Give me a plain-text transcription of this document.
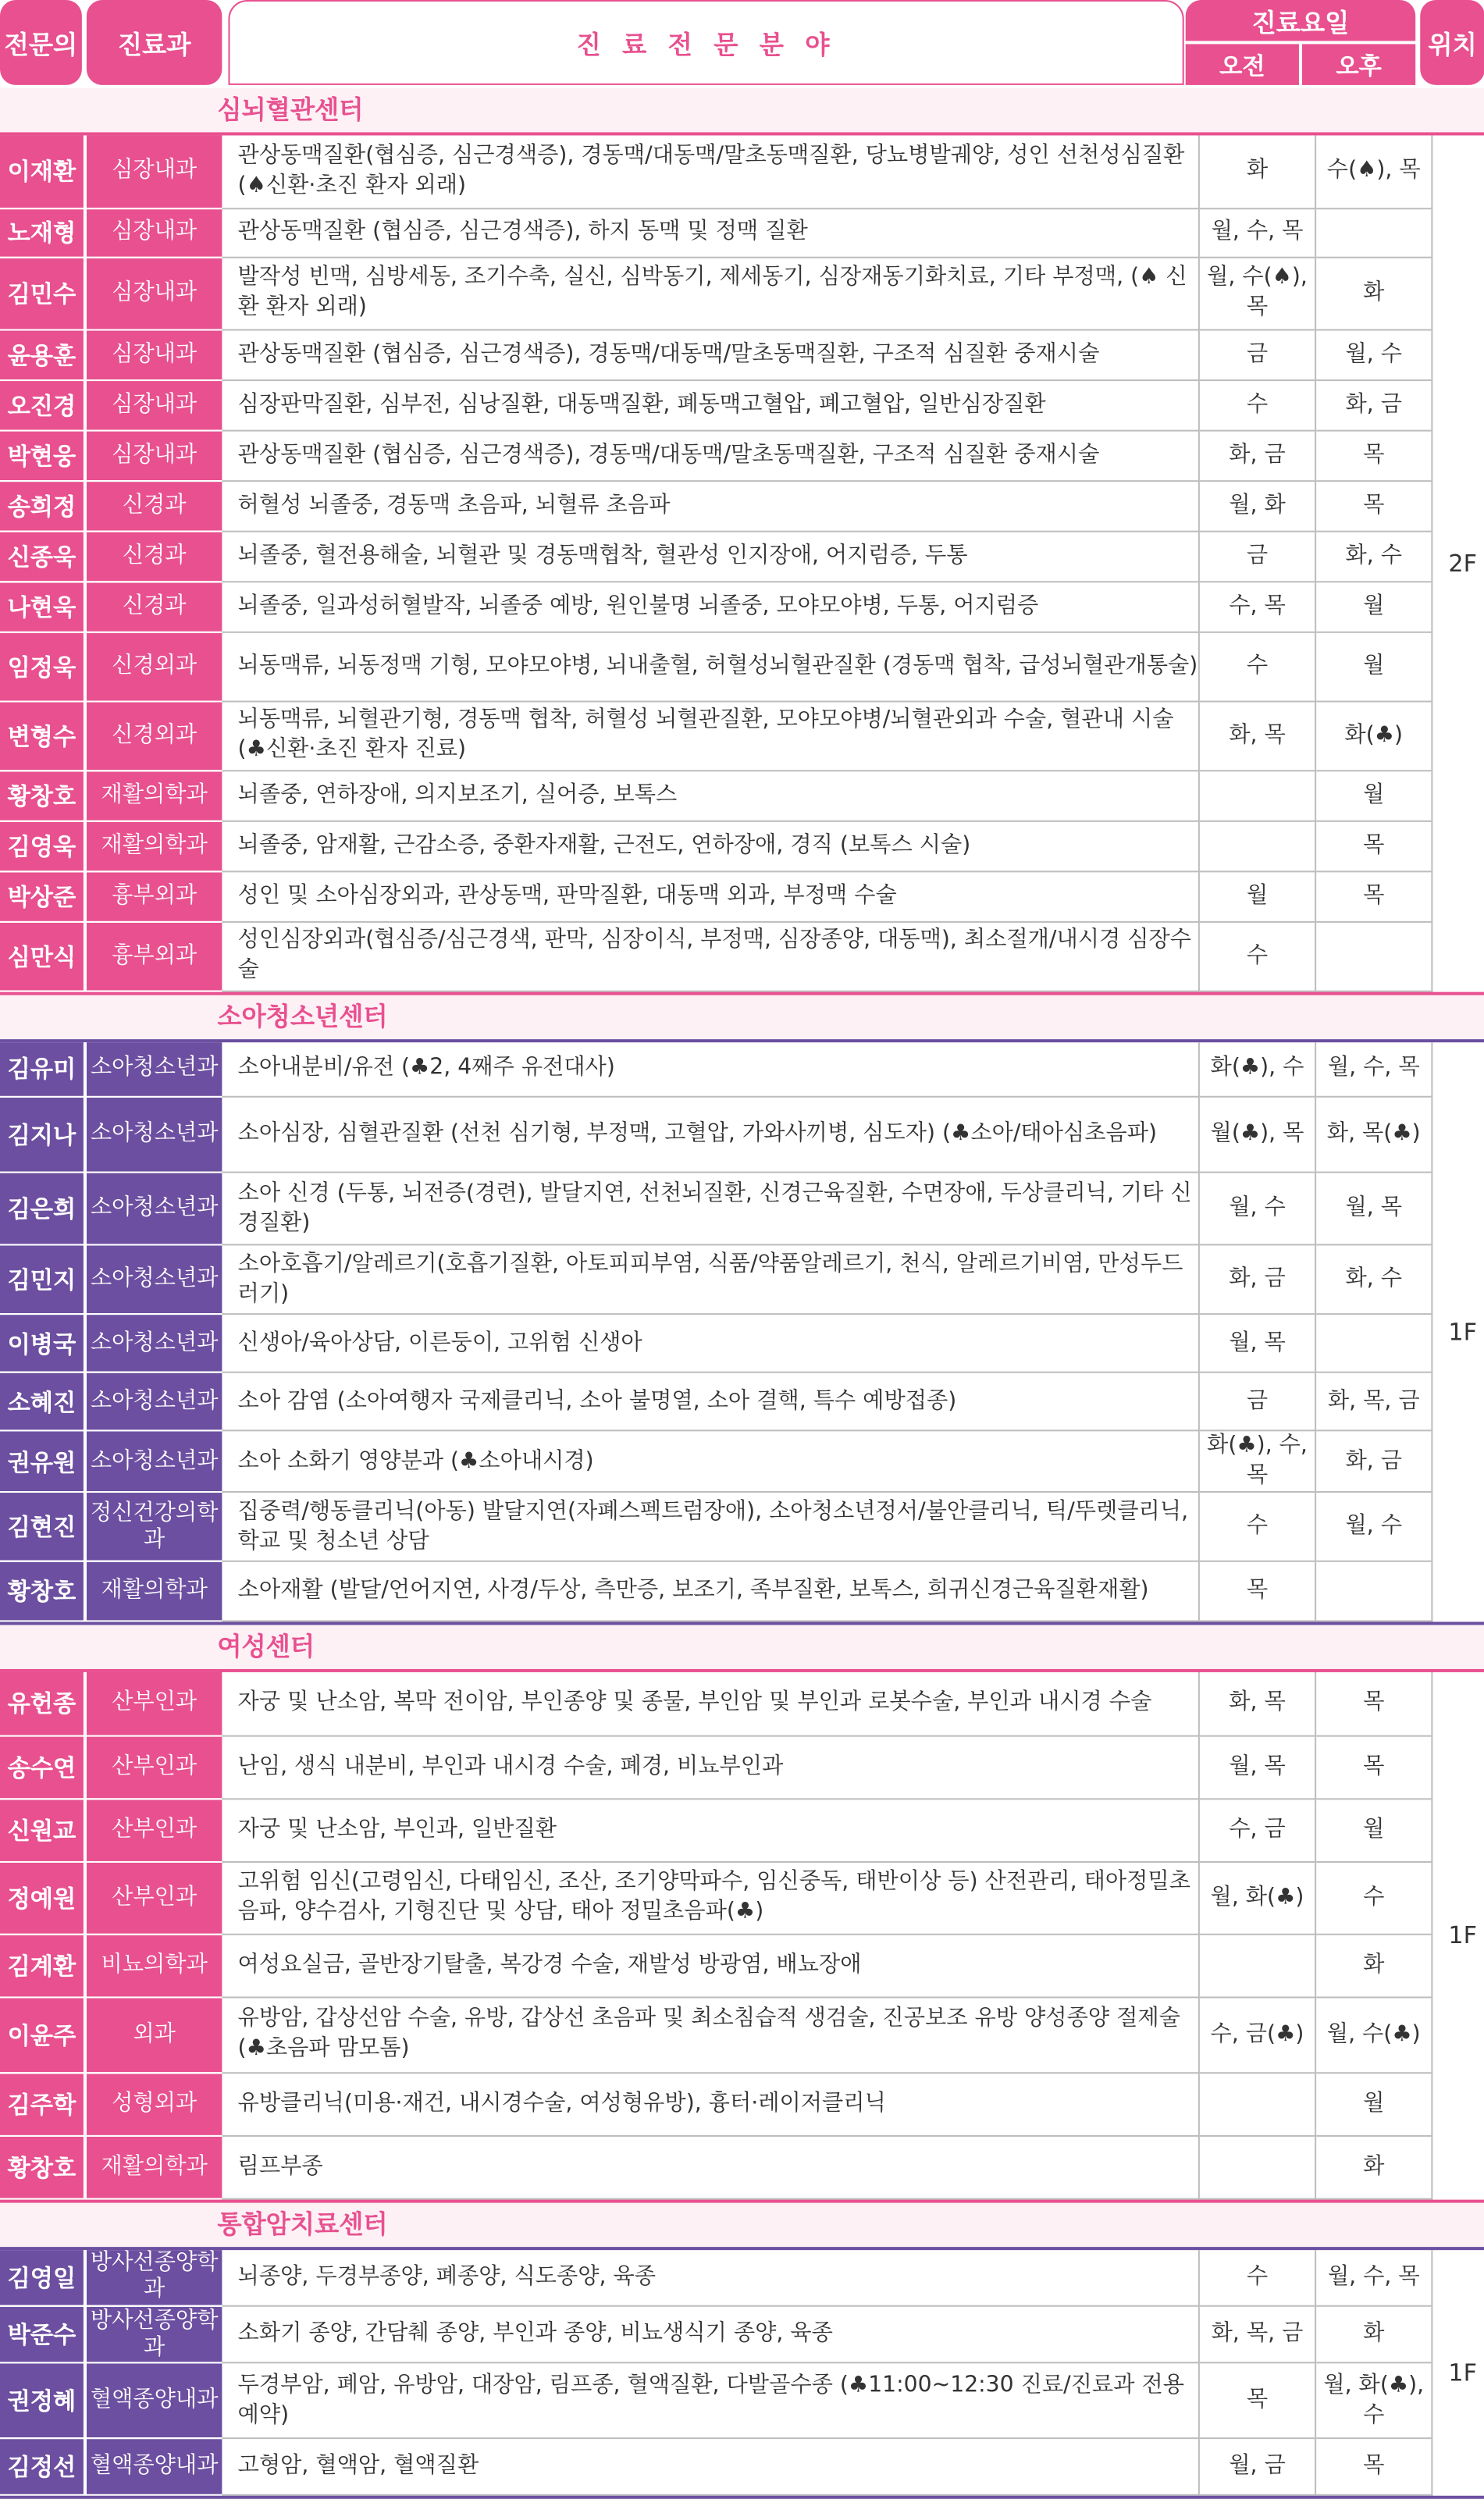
전문의	진료과	진 료 전 문 분 야
진료요일
오전	오후
위치
심뇌혈관센터
이재환	심장내과	관상동맥질환(협심증, 심근경색증), 경동맥/대동맥/말초동맥질환, 당뇨병발궤양, 성인 선천성심질환 (♠신환·초진 환자 외래)	화	수(♠), 목	2F
노재형	심장내과	관상동맥질환 (협심증, 심근경색증), 하지 동맥 및 정맥 질환	월, 수, 목		
김민수	심장내과	발작성 빈맥, 심방세동, 조기수축, 실신, 심박동기, 제세동기, 심장재동기화치료, 기타 부정맥, (♠ 신환 환자 외래)	월, 수(♠), 목	화	
윤용훈	심장내과	관상동맥질환 (협심증, 심근경색증), 경동맥/대동맥/말초동맥질환, 구조적 심질환 중재시술	금	월, 수	
오진경	심장내과	심장판막질환, 심부전, 심낭질환, 대동맥질환, 폐동맥고혈압, 폐고혈압, 일반심장질환	수	화, 금	
박현웅	심장내과	관상동맥질환 (협심증, 심근경색증), 경동맥/대동맥/말초동맥질환, 구조적 심질환 중재시술	화, 금	목	
송희정	신경과	허혈성 뇌졸중, 경동맥 초음파, 뇌혈류 초음파	월, 화	목	
신종욱	신경과	뇌졸중, 혈전용해술, 뇌혈관 및 경동맥협착, 혈관성 인지장애, 어지럼증, 두통	금	화, 수	
나현욱	신경과	뇌졸중, 일과성허혈발작, 뇌졸중 예방, 원인불명 뇌졸중, 모야모야병, 두통, 어지럼증	수, 목	월	
임정욱	신경외과	뇌동맥류, 뇌동정맥 기형, 모야모야병, 뇌내출혈, 허혈성뇌혈관질환 (경동맥 협착, 급성뇌혈관개통술)	수	월	
변형수	신경외과	뇌동맥류, 뇌혈관기형, 경동맥 협착, 허혈성 뇌혈관질환, 모야모야병/뇌혈관외과 수술, 혈관내 시술 (♣신환·초진 환자 진료)	화, 목	화(♣)	
황창호	재활의학과	뇌졸중, 연하장애, 의지보조기, 실어증, 보톡스		월	
김영욱	재활의학과	뇌졸중, 암재활, 근감소증, 중환자재활, 근전도, 연하장애, 경직 (보톡스 시술)		목	
박상준	흉부외과	성인 및 소아심장외과, 관상동맥, 판막질환, 대동맥 외과, 부정맥 수술	월	목	
심만식	흉부외과	성인심장외과(협심증/심근경색, 판막, 심장이식, 부정맥, 심장종양, 대동맥), 최소절개/내시경 심장수술	수		
소아청소년센터
김유미	소아청소년과	소아내분비/유전 (♣2, 4째주 유전대사)	화(♣), 수	월, 수, 목	1F
김지나	소아청소년과	소아심장, 심혈관질환 (선천 심기형, 부정맥, 고혈압, 가와사끼병, 심도자) (♣소아/태아심초음파)	월(♣), 목	화, 목(♣)	
김은희	소아청소년과	소아 신경 (두통, 뇌전증(경련), 발달지연, 선천뇌질환, 신경근육질환, 수면장애, 두상클리닉, 기타 신경질환)	월, 수	월, 목	
김민지	소아청소년과	소아호흡기/알레르기(호흡기질환, 아토피피부염, 식품/약품알레르기, 천식, 알레르기비염, 만성두드러기)	화, 금	화, 수	
이병국	소아청소년과	신생아/육아상담, 이른둥이, 고위험 신생아	월, 목		
소혜진	소아청소년과	소아 감염 (소아여행자 국제클리닉, 소아 불명열, 소아 결핵, 특수 예방접종)	금	화, 목, 금	
권유원	소아청소년과	소아 소화기 영양분과 (♣소아내시경)	화(♣), 수, 목	화, 금	
김현진	정신건강의학과	집중력/행동클리닉(아동) 발달지연(자폐스펙트럼장애), 소아청소년정서/불안클리닉, 틱/뚜렛클리닉, 학교 및 청소년 상담	수	월, 수	
황창호	재활의학과	소아재활 (발달/언어지연, 사경/두상, 측만증, 보조기, 족부질환, 보톡스, 희귀신경근육질환재활)	목		
여성센터
유헌종	산부인과	자궁 및 난소암, 복막 전이암, 부인종양 및 종물, 부인암 및 부인과 로봇수술, 부인과 내시경 수술	화, 목	목	1F
송수연	산부인과	난임, 생식 내분비, 부인과 내시경 수술, 폐경, 비뇨부인과	월, 목	목	
신원교	산부인과	자궁 및 난소암, 부인과, 일반질환	수, 금	월	
정예원	산부인과	고위험 임신(고령임신, 다태임신, 조산, 조기양막파수, 임신중독, 태반이상 등) 산전관리, 태아정밀초음파, 양수검사, 기형진단 및 상담, 태아 정밀초음파(♣)	월, 화(♣)	수	
김계환	비뇨의학과	여성요실금, 골반장기탈출, 복강경 수술, 재발성 방광염, 배뇨장애		화	
이윤주	외과	유방암, 갑상선암 수술, 유방, 갑상선 초음파 및 최소침습적 생검술, 진공보조 유방 양성종양 절제술 (♣초음파 맘모톰)	수, 금(♣)	월, 수(♣)	
김주학	성형외과	유방클리닉(미용·재건, 내시경수술, 여성형유방), 흉터·레이저클리닉		월	
황창호	재활의학과	림프부종		화	
통합암치료센터
김영일	방사선종양학과	뇌종양, 두경부종양, 폐종양, 식도종양, 육종	수	월, 수, 목	1F
박준수	방사선종양학과	소화기 종양, 간담췌 종양, 부인과 종양, 비뇨생식기 종양, 육종	화, 목, 금	화	
권정혜	혈액종양내과	두경부암, 폐암, 유방암, 대장암, 림프종, 혈액질환, 다발골수종 (♣11:00~12:30 진료/진료과 전용예약)	목	월, 화(♣), 수	
김정선	혈액종양내과	고형암, 혈액암, 혈액질환	월, 금	목	
